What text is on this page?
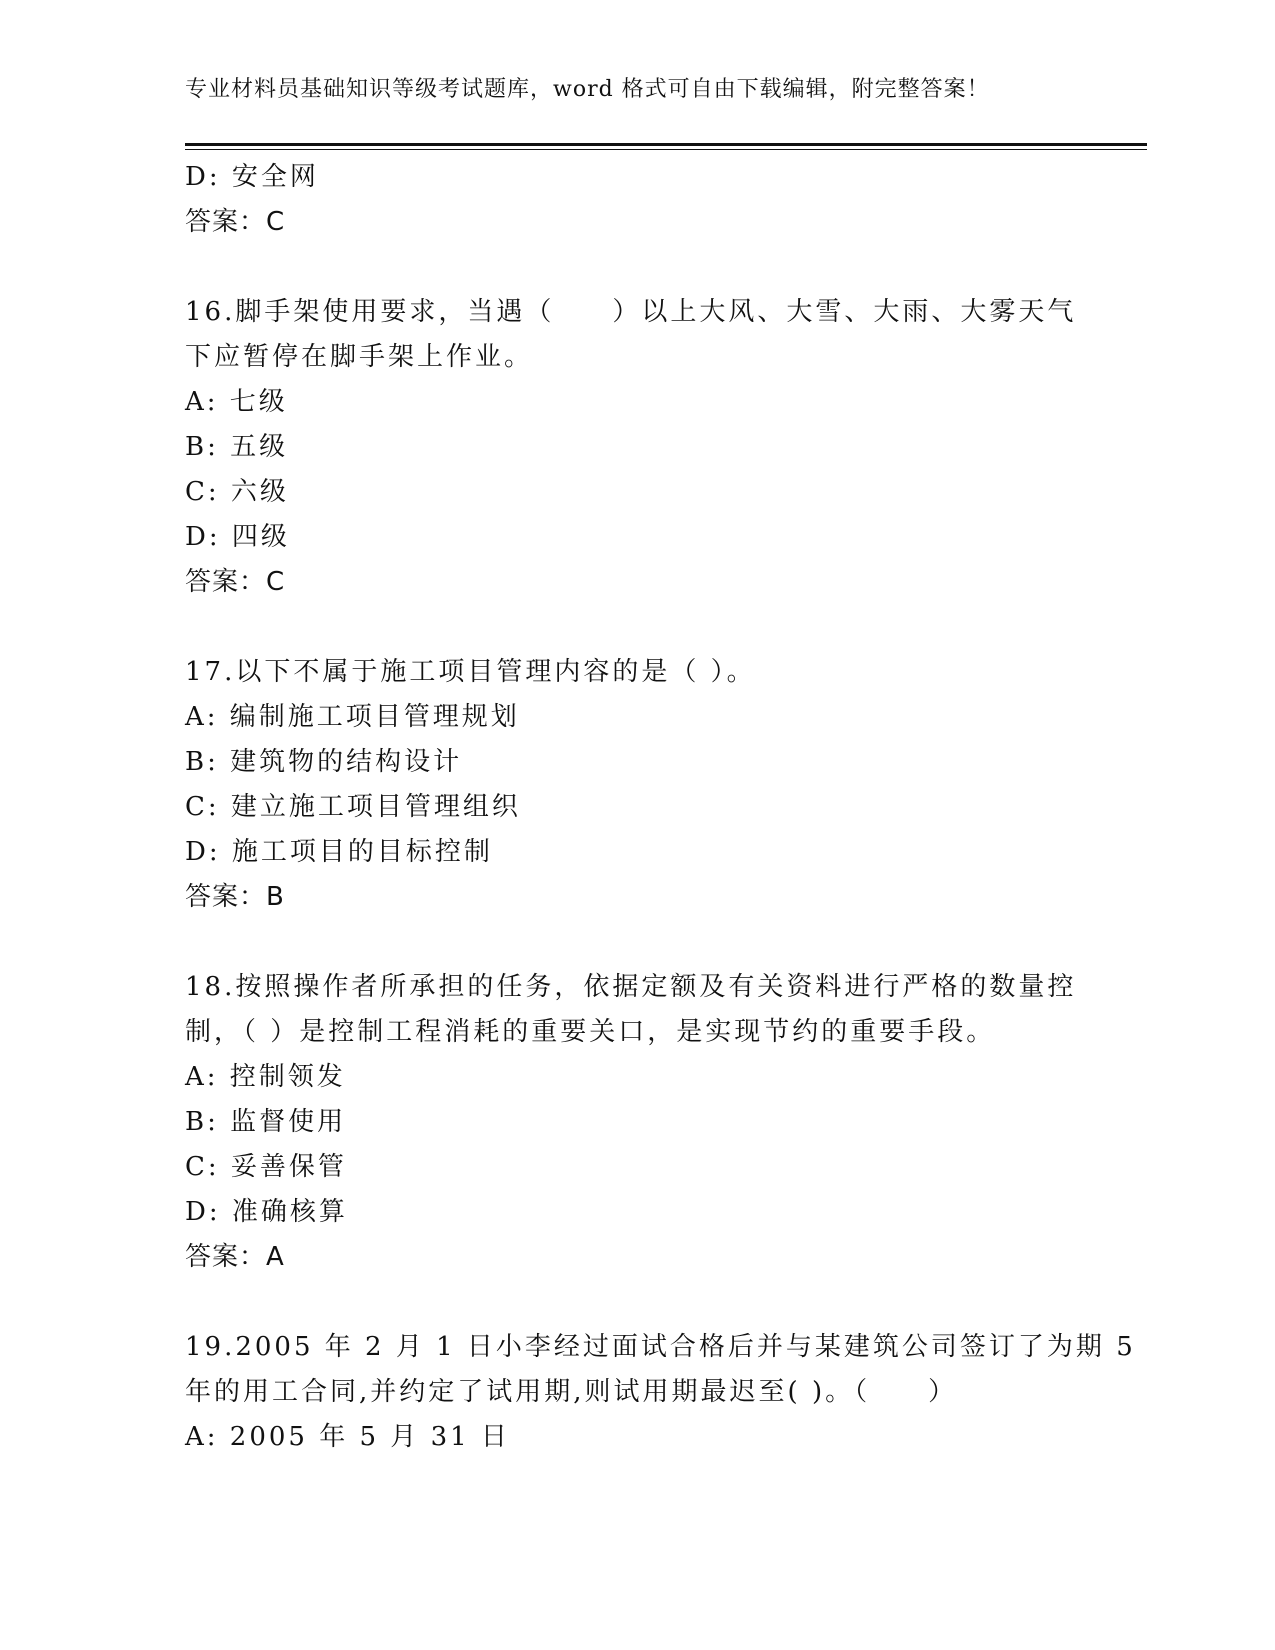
专业材料员基础知识等级考试题库，word 格式可自由下载编辑，附完整答案！
D: 安全网
答案：C
16.脚手架使用要求，当遇（　　）以上大风、大雪、大雨、大雾天气
下应暂停在脚手架上作业。
A: 七级
B: 五级
C: 六级
D: 四级
答案：C
17.以下不属于施工项目管理内容的是（ ）。
A: 编制施工项目管理规划
B: 建筑物的结构设计
C: 建立施工项目管理组织
D: 施工项目的目标控制
答案：B
18.按照操作者所承担的任务，依据定额及有关资料进行严格的数量控
制，（ ）是控制工程消耗的重要关口，是实现节约的重要手段。
A: 控制领发
B: 监督使用
C: 妥善保管
D: 准确核算
答案：A
19.2005 年 2 月 1 日小李经过面试合格后并与某建筑公司签订了为期 5
年的用工合同,并约定了试用期,则试用期最迟至( )。（　　）
A: 2005 年 5 月 31 日
